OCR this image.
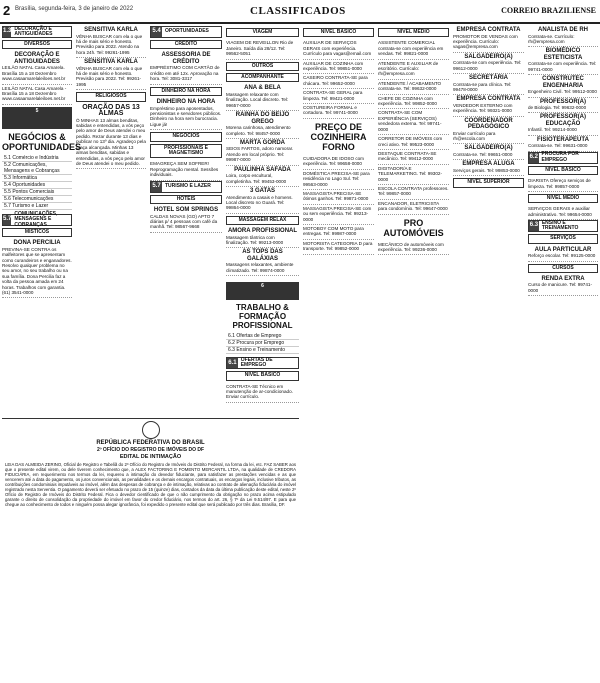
2 Brasília, segunda-feira, 3 de janeiro de 2022	CLASSIFICADOS	CORREIO BRAZILIENSE
1.3 DECORAÇÃO E ANTIGUIDADES
DIVERSOS
DECORAÇÃO E ANTIGUIDADES

LEILÃO NATAL Casa Amarela. Brasília 15 a 18 Dezembro www.casaamarelaleiloes.net.br

LEILÃO NATAL Casa Amarela - Brasília 15 a 18 Dezembro www.casaamarelaleiloes.net.br

5
NEGÓCIOS & OPORTUNIDADES
5.1 Comércio e Indústria
5.2 Comunicações, Mensagens e Cobranças
5.3 Informática
5.4 Oportunidades
5.5 Pontos Comerciais
5.6 Telecomunicações
5.7 Turismo e Lazer
5.7
COMUNICAÇÕES, MENSAGENS E COBRANÇAS
MÍSTICOS
DONA PERCILIA

PREVINA-SE CONTRA os malfeitores que se apresentam como curandeiros e enganadores. Resolvo qualquer problema no seu amor, no seu trabalho ou na sua família. Dona Percilia faz a volta da pessoa amada em 24 horas. Trabalhos com garantia. (61) 3541-0000

SENSITIVA KARLA

VÊNHA BUSCAR com ela o que há de mais sério e honesto. Previsão para 2022. Atendo na hora 24h. Tel: 99261-1995

SENSITIVA KARLA

VÊNHA BUSCAR com ela o que há de mais sério e honesto. Previsão para 2022. Tel: 99261-1995

RELIGIOSOS
ORAÇÃO DAS 13 ALMAS

Ó MINHAS 13 almas benditas, sabidas e entendidas, a vós peço pelo amor de Deus atendei o meu pedido. Rezar durante 13 dias e publicar no 13º dia. Agradeço pela graça alcançada. Minhas 13 almas benditas, sabidas e entendidas, a vós peço pelo amor de Deus atendei o meu pedido.

5.4 OPORTUNIDADES
CRÉDITO
ASSESSORIA DE CRÉDITO

EMPRÉSTIMO COM CARTÃO de crédito em até 12x. Aprovação na hora. Tel: 3081-3317

DINHEIRO NA HORA
DINHEIRO NA HORA

Empréstimo para aposentados, pensionistas e servidores públicos. Dinheiro na hora sem burocracia. Ligue já!

NEGÓCIOS
PROFISSIONAIS E MAGNETISMO

EMAGREÇA SEM SOFRER! Reprogramação mental. Sessões individuais.

5.7 TURISMO E LAZER
HOTÉIS
HOTEL SOM SPRINGS

CALDAS NOVAS (GO) APTO 7 diárias p/ 4 pessoas com café da manhã. Tel: 98567-9668

VIAGEM

VIAGEM DE REVEILLON Rio de Janeiro. Saída dia 28/12. Tel: 99562-5051

OUTROS
ACOMPANHANTE
ANA & BELA

Massagem relaxante com finalização. Local discreto. Tel: 99657-0000

RAINHA DO BEIJO GREGO

Morena carinhosa, atendimento completo. Tel: 98457-0000

MARTA GORDA

SEIOS FARTOS, adoro namorar. Atendo em local próprio. Tel: 99987-0000

PAULINHA SAFADA

Loira, corpo escultural, completinha. Tel: 99453-0000

3 GATAS

Atendimento a casais e homens. Local discreto no Guará. Tel: 99864-0000

MASSAGEM RELAX
AMORA PROFISSIONAL

Massagem tântrica com finalização. Tel: 99213-0000

AS TOPS DAS GALÁXIAS

Massagens relaxantes, ambiente climatizado. Tel: 99874-0000

6
TRABALHO & FORMAÇÃO PROFISSIONAL
6.1 Ofertas de Emprego
6.2 Procura por Emprego
6.3 Ensino e Treinamento
6.1 OFERTAS DE EMPREGO
NÍVEL BÁSICO

CONTRATA-SE Técnico em manutenção de ar-condicionado. Enviar currículo.

NÍVEL BÁSICO

AUXILIAR DE SERVIÇOS GERAIS com experiência. Currículo para vagas@email.com

AUXILIAR DE COZINHA com experiência. Tel: 99851-0000

CASEIRO CONTRATA-SE para chácara. Tel: 99652-0000

CONTRATA-SE GERAL para limpeza. Tel: 99421-0000

COSTUREIRA FORMAL e cortadora. Tel: 99741-0000

PREÇO DE COZINHEIRA FORNO

CUIDADORA DE IDOSO com experiência. Tel: 99658-0000

DOMÉSTICA PRECISA-SE para residência no Lago Sul. Tel: 99563-0000

MASSAGISTA PRECISA-SE ótimos ganhos. Tel: 99871-0000

MASSAGISTA PRECISA-SE com ou sem experiência. Tel: 99213-0000

MOTOBOY COM MOTO para entregas. Tel: 99987-0000

MOTORISTA CATEGORIA D para transporte. Tel: 99852-0000

NÍVEL MÉDIO

ASSISTENTE COMERCIAL contrata-se com experiência em vendas. Tel: 99821-0000

ATENDENTE E AUXILIAR de escritório. Currículo: rh@empresa.com

ATENDENTE / ACABAMENTO contrata-se. Tel: 99632-0000

CHEFE DE COZINHA com experiência. Tel: 99852-0000

CONTRATA-SE COM EXPERIÊNCIA (SERVIÇOS) vendedora externa. Tel: 99741-0000

CORRETOR DE IMÓVEIS com creci ativo. Tel: 99523-0000

DESTAQUE CONTRATA-SE mecânico. Tel: 99412-0000

DIGITADOR/A E TELEMARKETING. Tel: 99302-0000

ESCOLA CONTRATA professores. Tel: 99857-0000

ENCANADOR, ELETRICISTA para condomínio. Tel: 99647-0000

PRO AUTOMÓVEIS

MECÂNICO de automóveis com experiência. Tel: 99236-0000

EMPRESA CONTRATA

PROMOTOR DE VENDAS com experiência. Currículo: vagas@empresa.com

SALGADEIRO(A)

Contrata-se com experiência. Tel: 99612-0000

SECRETÁRIA

Contrata-se para clínica. Tel: 99478-0000

EMPRESA CONTRATA

VENDEDOR EXTERNO com experiência. Tel: 99321-0000

COORDENADOR PEDAGÓGICO

Enviar currículo para rh@escola.com

SALGADEIRO(A)

Contrata-se. Tel: 99651-0000

EMPRESA ALUGA

Serviços gerais. Tel: 99853-0000

NÍVEL SUPERIOR
ANALISTA DE RH

Contrata-se. Currículo: rh@empresa.com

BIOMÉDICO ESTETICISTA

Contrata-se com experiência. Tel: 99741-0000

CONSTRUTEC ENGENHARIA

Engenheiro Civil. Tel: 99512-0000

PROFESSOR(A)

de Biologia. Tel: 99632-0000

PROFESSOR(A) EDUCAÇÃO

Infantil. Tel: 99214-0000

FISIOTERAPEUTA

Contrata-se. Tel: 99631-0000

6.2 PROCURA POR EMPREGO
NÍVEL BÁSICO

DIARISTA Ofereço serviços de limpeza. Tel: 99857-0000

NÍVEL MÉDIO

SERVIÇOS GERAIS e auxiliar administrativo. Tel: 99654-0000

6.3 ENSINO E TREINAMENTO
SERVIÇOS
AULA PARTICULAR

Reforço escolar. Tel: 99125-0000

CURSOS
RENDA EXTRA

Curso de manicure. Tel: 99741-0000

REPÚBLICA FEDERATIVA DO BRASIL
2º OFÍCIO DO REGISTRO DE IMÓVEIS DO DF
EDITAL DE INTIMAÇÃO

LEIA DAS ALMEIDA ZERINO, Oficial de Registro e Tabeliã do 2º Ofício do Registro de Imóveis do Distrito Federal, na forma da lei, etc. FAZ SABER aos que o presente edital virem, ou dele tiverem conhecimento que, a ALEX FACTORING E FOMENTO MERCANTIL LTDA, na qualidade de CREDORA FIDUCIÁRIA, em requerimento nos termos da lei, requereu a intimação do devedor fiduciante, para satisfazer as prestações vencidas e as que vencerem até a data do pagamento, os juros convencionais, as penalidades e os demais encargos contratuais, os encargos legais, inclusive tributos, as contribuições condominiais imputáveis ao imóvel, além das despesas de cobrança e de intimação, relativas ao contrato de alienação fiduciária do imóvel registrado nesta Serventia. O pagamento deverá ser efetuado no prazo de 15 (quinze) dias, contados da data da última publicação deste edital, neste 2º Ofício de Registro de Imóveis do Distrito Federal. Fica o devedor cientificado de que o não cumprimento da obrigação no prazo acima estipulado garante o direito de consolidação da propriedade do imóvel em favor do credor fiduciário, nos termos do art. 26, § 7º da Lei 9.514/97. E para que chegue ao conhecimento de todos e ninguém possa alegar ignorância, foi expedido o presente edital que será publicado por três dias. Brasília, DF.
